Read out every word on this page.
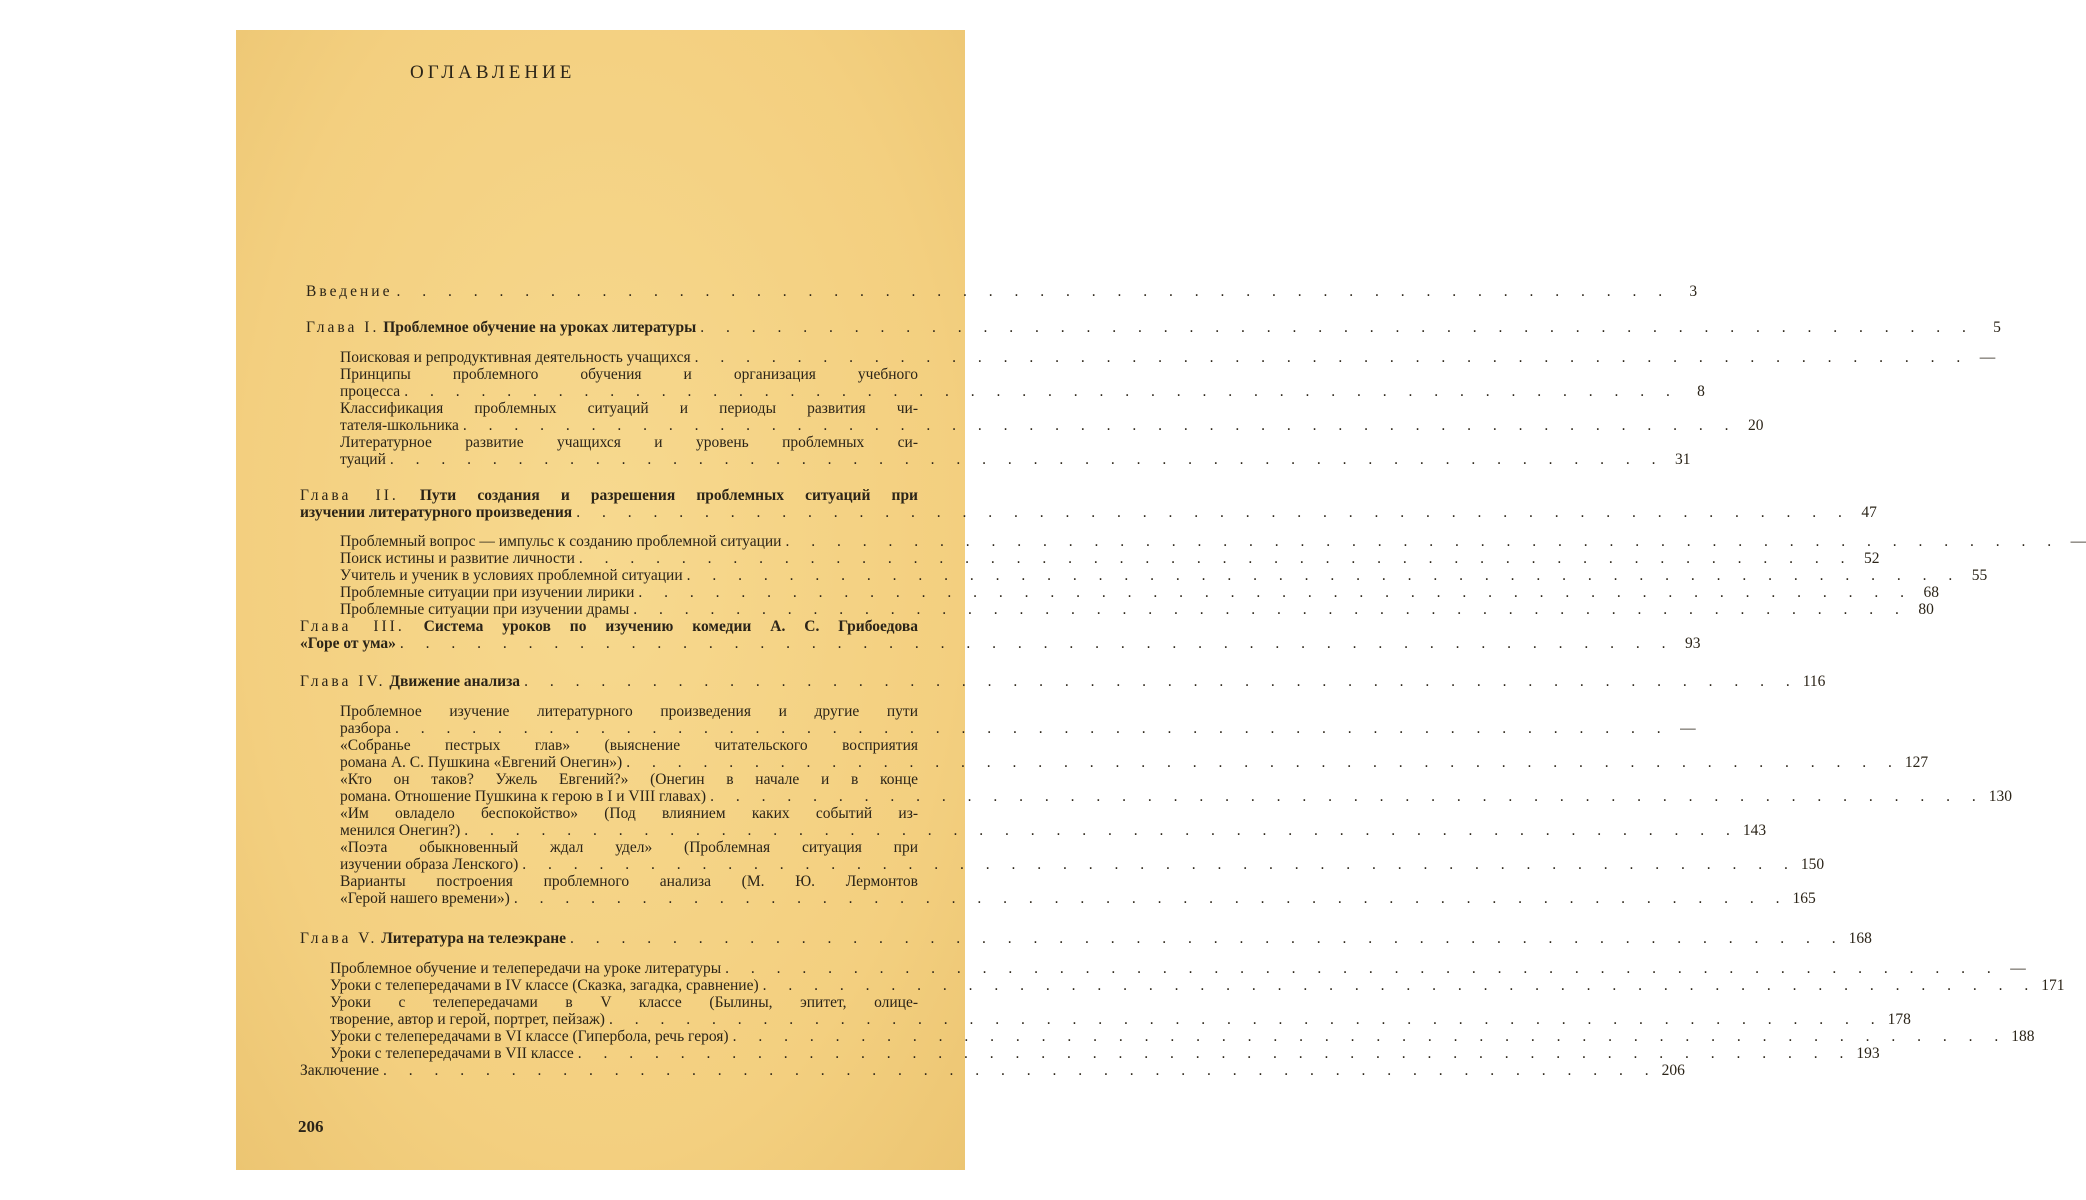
ОГЛАВЛЕНИЕ
Введение . . . . . . . . . . . . . . . . . . . . . . . . . . . . . . . . . . . . . . . . . . . . . . . . . .	3
Глава I. Проблемное обучение на уроках литературы . . . . . . . . . . . . . . . . . . . . . . . . . . . . . . . . . . . . . . . . . . . . . . . . . .	5
Поисковая и репродуктивная деятельность учащихся . . . . . . . . . . . . . . . . . . . . . . . . . . . . . . . . . . . . . . . . . . . . . . . . . . —
Принципы проблемного обучения и организация учебного
процесса . . . . . . . . . . . . . . . . . . . . . . . . . . . . . . . . . . . . . . . . . . . . . . . . . .	8
Классификация проблемных ситуаций и периоды развития чи-
тателя-школьника . . . . . . . . . . . . . . . . . . . . . . . . . . . . . . . . . . . . . . . . . . . . . . . . . . 20
Литературное развитие учащихся и уровень проблемных си-
туаций . . . . . . . . . . . . . . . . . . . . . . . . . . . . . . . . . . . . . . . . . . . . . . . . . . 31
Глава II. Пути создания и разрешения проблемных ситуаций при
изучении литературного произведения . . . . . . . . . . . . . . . . . . . . . . . . . . . . . . . . . . . . . . . . . . . . . . . . . . 47
Проблемный вопрос — импульс к созданию проблемной ситуации . . . . . . . . . . . . . . . . . . . . . . . . . . . . . . . . . . . . . . . . . . . . . . . . . . —
Поиск истины и развитие личности . . . . . . . . . . . . . . . . . . . . . . . . . . . . . . . . . . . . . . . . . . . . . . . . . . 52
Учитель и ученик в условиях проблемной ситуации . . . . . . . . . . . . . . . . . . . . . . . . . . . . . . . . . . . . . . . . . . . . . . . . . . 55
Проблемные ситуации при изучении лирики . . . . . . . . . . . . . . . . . . . . . . . . . . . . . . . . . . . . . . . . . . . . . . . . . . 68
Проблемные ситуации при изучении драмы . . . . . . . . . . . . . . . . . . . . . . . . . . . . . . . . . . . . . . . . . . . . . . . . . . 80
Глава III. Система уроков по изучению комедии А. С. Грибоедова
«Горе от ума» . . . . . . . . . . . . . . . . . . . . . . . . . . . . . . . . . . . . . . . . . . . . . . . . . . 93
Глава IV. Движение анализа . . . . . . . . . . . . . . . . . . . . . . . . . . . . . . . . . . . . . . . . . . . . . . . . . . 116
Проблемное изучение литературного произведения и другие пути
разбора . . . . . . . . . . . . . . . . . . . . . . . . . . . . . . . . . . . . . . . . . . . . . . . . . . —
«Собранье пестрых глав» (выяснение читательского восприятия
романа А. С. Пушкина «Евгений Онегин») . . . . . . . . . . . . . . . . . . . . . . . . . . . . . . . . . . . . . . . . . . . . . . . . . . 127
«Кто он таков? Ужель Евгений?» (Онегин в начале и в конце
романа. Отношение Пушкина к герою в I и VIII главах) . . . . . . . . . . . . . . . . . . . . . . . . . . . . . . . . . . . . . . . . . . . . . . . . . . 130
«Им овладело беспокойство» (Под влиянием каких событий из-
менился Онегин?) . . . . . . . . . . . . . . . . . . . . . . . . . . . . . . . . . . . . . . . . . . . . . . . . . . 143
«Поэта обыкновенный ждал удел» (Проблемная ситуация при
изучении образа Ленского) . . . . . . . . . . . . . . . . . . . . . . . . . . . . . . . . . . . . . . . . . . . . . . . . . . 150
Варианты построения проблемного анализа (М. Ю. Лермонтов
«Герой нашего времени») . . . . . . . . . . . . . . . . . . . . . . . . . . . . . . . . . . . . . . . . . . . . . . . . . . 165
Глава V. Литература на телеэкране . . . . . . . . . . . . . . . . . . . . . . . . . . . . . . . . . . . . . . . . . . . . . . . . . . 168
Проблемное обучение и телепередачи на уроке литературы . . . . . . . . . . . . . . . . . . . . . . . . . . . . . . . . . . . . . . . . . . . . . . . . . . —
Уроки с телепередачами в IV классе (Сказка, загадка, сравнение) . . . . . . . . . . . . . . . . . . . . . . . . . . . . . . . . . . . . . . . . . . . . . . . . . . 171
Уроки с телепередачами в V классе (Былины, эпитет, олице-
творение, автор и герой, портрет, пейзаж) . . . . . . . . . . . . . . . . . . . . . . . . . . . . . . . . . . . . . . . . . . . . . . . . . . 178
Уроки с телепередачами в VI классе (Гипербола, речь героя) . . . . . . . . . . . . . . . . . . . . . . . . . . . . . . . . . . . . . . . . . . . . . . . . . . 188
Уроки с телепередачами в VII классе . . . . . . . . . . . . . . . . . . . . . . . . . . . . . . . . . . . . . . . . . . . . . . . . . . 193
Заключение . . . . . . . . . . . . . . . . . . . . . . . . . . . . . . . . . . . . . . . . . . . . . . . . . . 206
206
